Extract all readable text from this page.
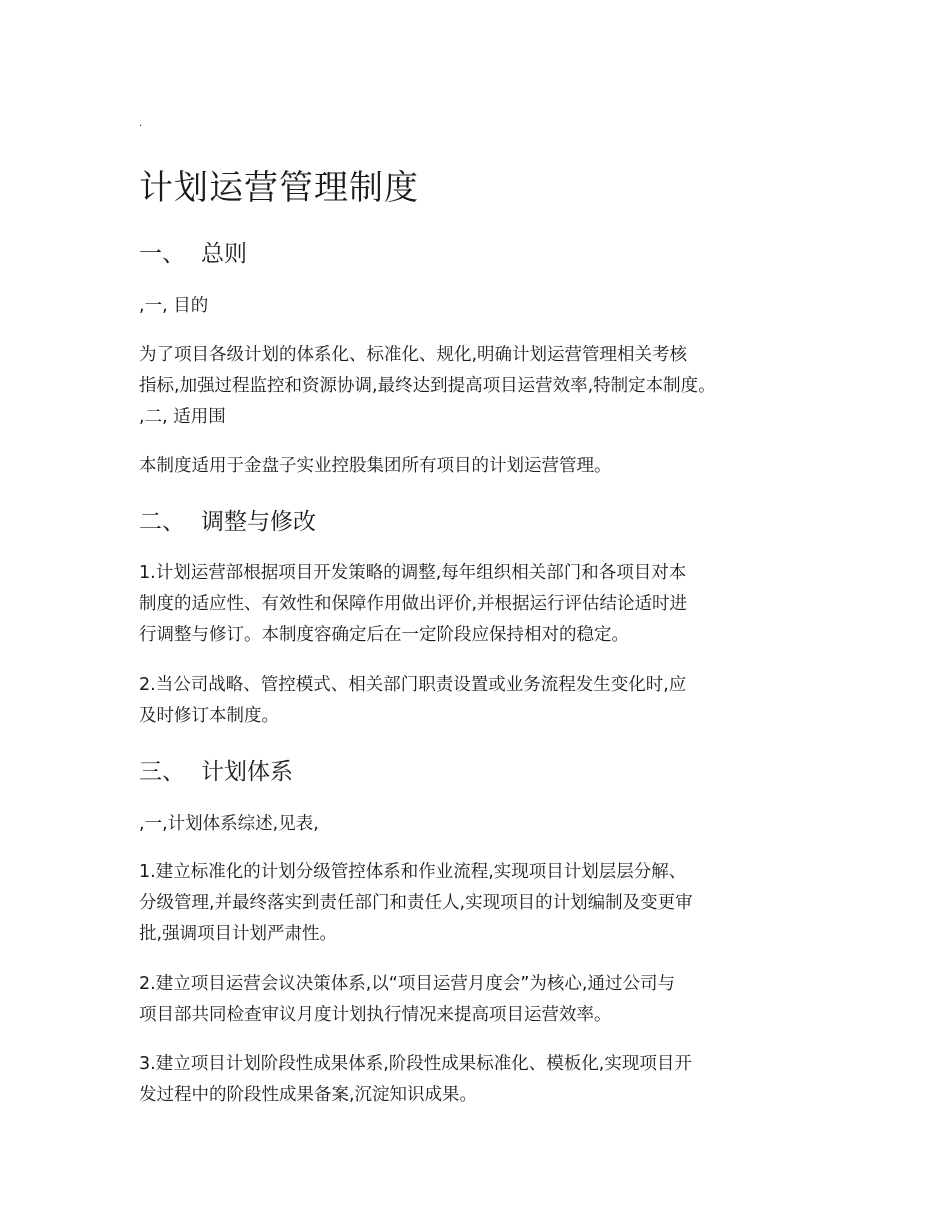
.
计划运营管理制度
一、 总则

,一, 目的

为了项目各级计划的体系化、标准化、规化,明确计划运营管理相关考核

指标,加强过程监控和资源协调,最终达到提高项目运营效率,特制定本制度。

,二, 适用围

本制度适用于金盘子实业控股集团所有项目的计划运营管理。

二、 调整与修改

1.计划运营部根据项目开发策略的调整,每年组织相关部门和各项目对本

制度的适应性、有效性和保障作用做出评价,并根据运行评估结论适时进

行调整与修订。本制度容确定后在一定阶段应保持相对的稳定。

2.当公司战略、管控模式、相关部门职责设置或业务流程发生变化时,应

及时修订本制度。

三、 计划体系

,一,计划体系综述,见表,

1.建立标准化的计划分级管控体系和作业流程,实现项目计划层层分解、

分级管理,并最终落实到责任部门和责任人,实现项目的计划编制及变更审

批,强调项目计划严肃性。

2.建立项目运营会议决策体系,以“项目运营月度会”为核心,通过公司与

项目部共同检查审议月度计划执行情况来提高项目运营效率。

3.建立项目计划阶段性成果体系,阶段性成果标准化、模板化,实现项目开

发过程中的阶段性成果备案,沉淀知识成果。
